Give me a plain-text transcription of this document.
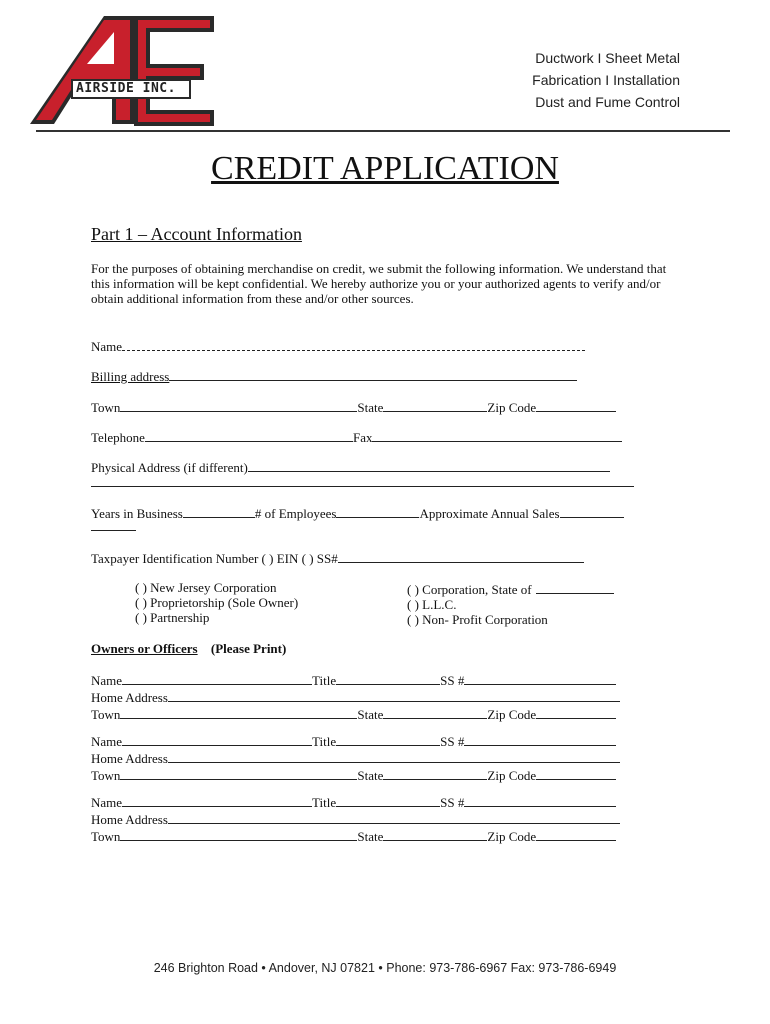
AIRSIDE INC.
Ductwork I Sheet Metal
Fabrication I Installation
Dust and Fume Control
CREDIT APPLICATION
Part 1 – Account Information
For the purposes of obtaining merchandise on credit, we submit the following information. We understand that this information will be kept confidential. We hereby authorize you or your authorized agents to verify and/or obtain additional information from these and/or other sources.
Name
Billing address
Town	State	Zip Code
Telephone	Fax
Physical Address (if different)
Years in Business	# of Employees	Approximate Annual Sales
Taxpayer Identification Number ( ) EIN ( ) SS#
( ) New Jersey Corporation
( ) Proprietorship (Sole Owner)
( ) Partnership
( ) Corporation, State of
( ) L.L.C.
( ) Non- Profit Corporation
Owners or Officers (Please Print)
Name	Title	SS #
Home Address
Town	State	Zip Code
Name	Title	SS #
Home Address
Town	State	Zip Code
Name	Title	SS #
Home Address
Town	State	Zip Code
246 Brighton Road • Andover, NJ 07821 • Phone: 973-786-6967 Fax: 973-786-6949
